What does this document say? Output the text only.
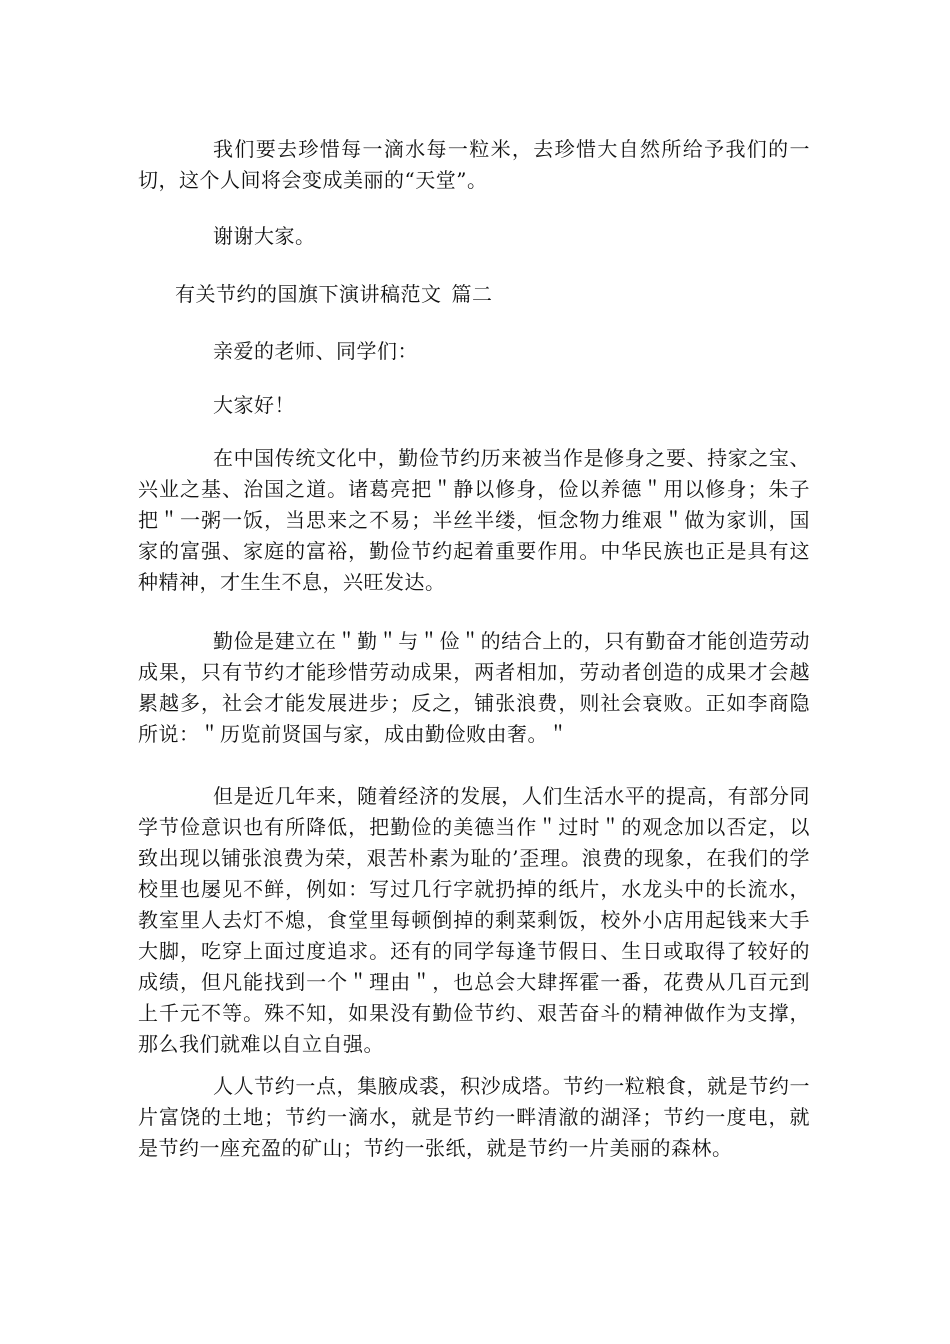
我们要去珍惜每一滴水每一粒米，去珍惜大自然所给予我们的一切，这个人间将会变成美丽的“天堂”。

谢谢大家。

有关节约的国旗下演讲稿范文 篇二

亲爱的老师、同学们：

大家好！

在中国传统文化中，勤俭节约历来被当作是修身之要、持家之宝、兴业之基、治国之道。诸葛亮把＂静以修身，俭以养德＂用以修身；朱子把＂一粥一饭，当思来之不易；半丝半缕，恒念物力维艰＂做为家训，国家的富强、家庭的富裕，勤俭节约起着重要作用。中华民族也正是具有这种精神，才生生不息，兴旺发达。

勤俭是建立在＂勤＂与＂俭＂的结合上的，只有勤奋才能创造劳动成果，只有节约才能珍惜劳动成果，两者相加，劳动者创造的成果才会越累越多，社会才能发展进步；反之，铺张浪费，则社会衰败。正如李商隐所说：＂历览前贤国与家，成由勤俭败由奢。＂

但是近几年来，随着经济的发展，人们生活水平的提高，有部分同学节俭意识也有所降低，把勤俭的美德当作＂过时＂的观念加以否定，以致出现以铺张浪费为荣，艰苦朴素为耻的’歪理。浪费的现象，在我们的学校里也屡见不鲜，例如：写过几行字就扔掉的纸片，水龙头中的长流水，教室里人去灯不熄，食堂里每顿倒掉的剩菜剩饭，校外小店用起钱来大手大脚，吃穿上面过度追求。还有的同学每逢节假日、生日或取得了较好的成绩，但凡能找到一个＂理由＂，也总会大肆挥霍一番，花费从几百元到上千元不等。殊不知，如果没有勤俭节约、艰苦奋斗的精神做作为支撑，那么我们就难以自立自强。

人人节约一点，集腋成裘，积沙成塔。节约一粒粮食，就是节约一片富饶的土地；节约一滴水，就是节约一畔清澈的湖泽；节约一度电，就是节约一座充盈的矿山；节约一张纸，就是节约一片美丽的森林。
